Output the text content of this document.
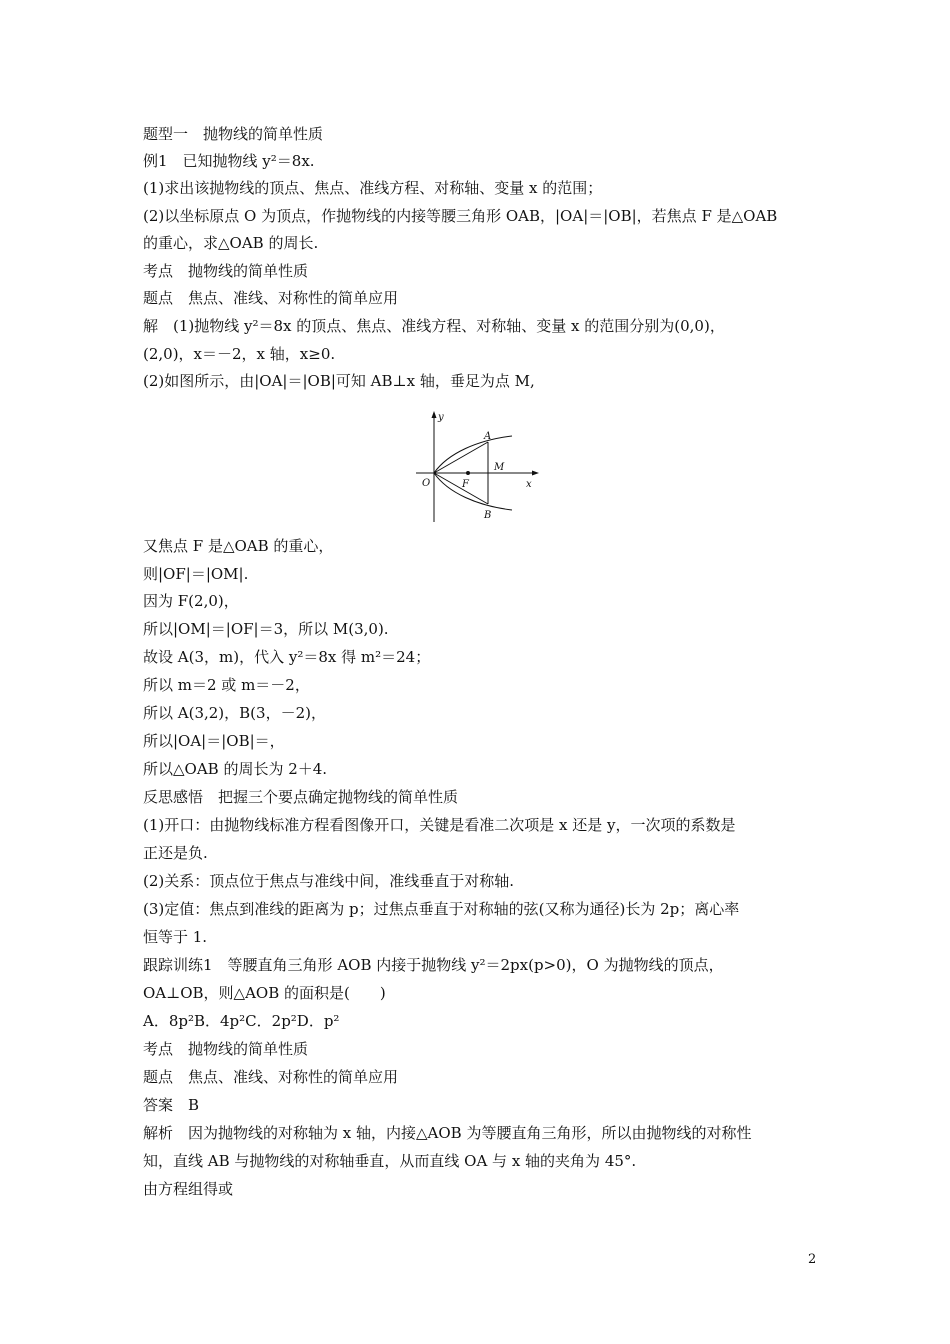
题型一　抛物线的简单性质
例1　已知抛物线 y²＝8x.
(1)求出该抛物线的顶点、焦点、准线方程、对称轴、变量 x 的范围；
(2)以坐标原点 O 为顶点，作抛物线的内接等腰三角形 OAB，|OA|＝|OB|，若焦点 F 是△OAB
的重心，求△OAB 的周长.
考点　抛物线的简单性质
题点　焦点、准线、对称性的简单应用
解　(1)抛物线 y²＝8x 的顶点、焦点、准线方程、对称轴、变量 x 的范围分别为(0,0)，
(2,0)，x＝－2，x 轴，x≥0.
(2)如图所示，由|OA|＝|OB|可知 AB⊥x 轴，垂足为点 M,
y
x
O
A
B
M
F
又焦点 F 是△OAB 的重心，
则|OF|＝|OM|.
因为 F(2,0)，
所以|OM|＝|OF|＝3，所以 M(3,0).
故设 A(3，m)，代入 y²＝8x 得 m²＝24；
所以 m＝2 或 m＝－2，
所以 A(3,2)，B(3，－2)，
所以|OA|＝|OB|＝，
所以△OAB 的周长为 2＋4.
反思感悟　把握三个要点确定抛物线的简单性质
(1)开口：由抛物线标准方程看图像开口，关键是看准二次项是 x 还是 y，一次项的系数是
正还是负.
(2)关系：顶点位于焦点与准线中间，准线垂直于对称轴.
(3)定值：焦点到准线的距离为 p；过焦点垂直于对称轴的弦(又称为通径)长为 2p；离心率
恒等于 1.
跟踪训练1　等腰直角三角形 AOB 内接于抛物线 y²＝2px(p>0)，O 为抛物线的顶点，
OA⊥OB，则△AOB 的面积是(　　)
A．8p²B．4p²C．2p²D．p²
考点　抛物线的简单性质
题点　焦点、准线、对称性的简单应用
答案　B
解析　因为抛物线的对称轴为 x 轴，内接△AOB 为等腰直角三角形，所以由抛物线的对称性
知，直线 AB 与抛物线的对称轴垂直，从而直线 OA 与 x 轴的夹角为 45°.
由方程组得或
2
